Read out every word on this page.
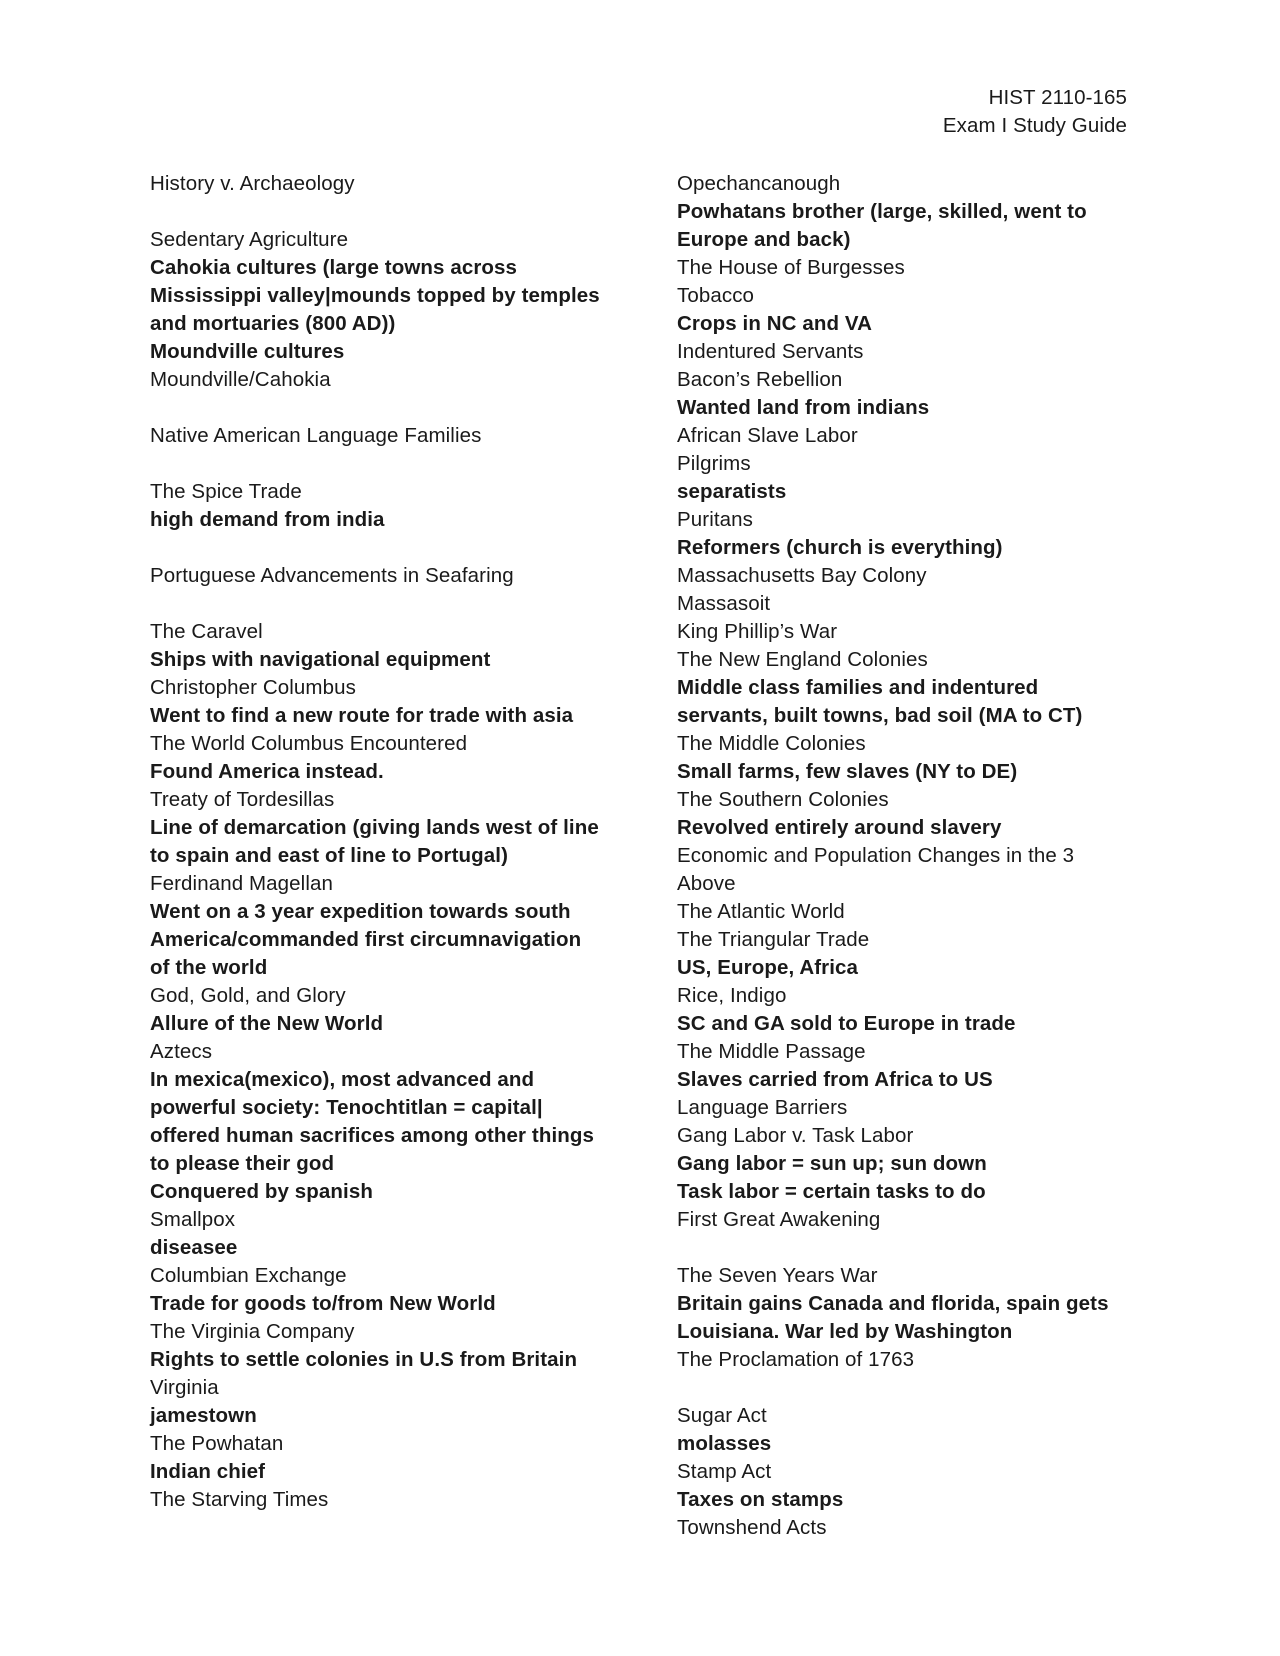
HIST 2110-165
Exam I Study Guide
History v. Archaeology
Sedentary Agriculture
Cahokia cultures (large towns across Mississippi valley|mounds topped by temples and mortuaries (800 AD))
Moundville cultures
Moundville/Cahokia
Native American Language Families
The Spice Trade
high demand from india
Portuguese Advancements in Seafaring
The Caravel
Ships with navigational equipment
Christopher Columbus
Went to find a new route for trade with asia
The World Columbus Encountered
Found America instead.
Treaty of Tordesillas
Line of demarcation (giving lands west of line to spain and east of line to Portugal)
Ferdinand Magellan
Went on a 3 year expedition towards south America/commanded first circumnavigation of the world
God, Gold, and Glory
Allure of the New World
Aztecs
In mexica(mexico), most advanced and powerful society: Tenochtitlan = capital| offered human sacrifices among other things to please their god
Conquered by spanish
Smallpox
diseasee
Columbian Exchange
Trade for goods to/from New World
The Virginia Company
Rights to settle colonies in U.S from Britain
Virginia
jamestown
The Powhatan
Indian chief
The Starving Times
Opechancanough
Powhatans brother (large, skilled, went to Europe and back)
The House of Burgesses
Tobacco
Crops in NC and VA
Indentured Servants
Bacon’s Rebellion
Wanted land from indians
African Slave Labor
Pilgrims
separatists
Puritans
Reformers (church is everything)
Massachusetts Bay Colony
Massasoit
King Phillip’s War
The New England Colonies
Middle class families and indentured servants, built towns, bad soil (MA to CT)
The Middle Colonies
Small farms, few slaves (NY to DE)
The Southern Colonies
Revolved entirely around slavery
Economic and Population Changes in the 3 Above
The Atlantic World
The Triangular Trade
US, Europe, Africa
Rice, Indigo
SC and GA sold to Europe in trade
The Middle Passage
Slaves carried from Africa to US
Language Barriers
Gang Labor v. Task Labor
Gang labor = sun up; sun down
Task labor = certain tasks to do
First Great Awakening
The Seven Years War
Britain gains Canada and florida, spain gets Louisiana. War led by Washington
The Proclamation of 1763
Sugar Act
molasses
Stamp Act
Taxes on stamps
Townshend Acts
